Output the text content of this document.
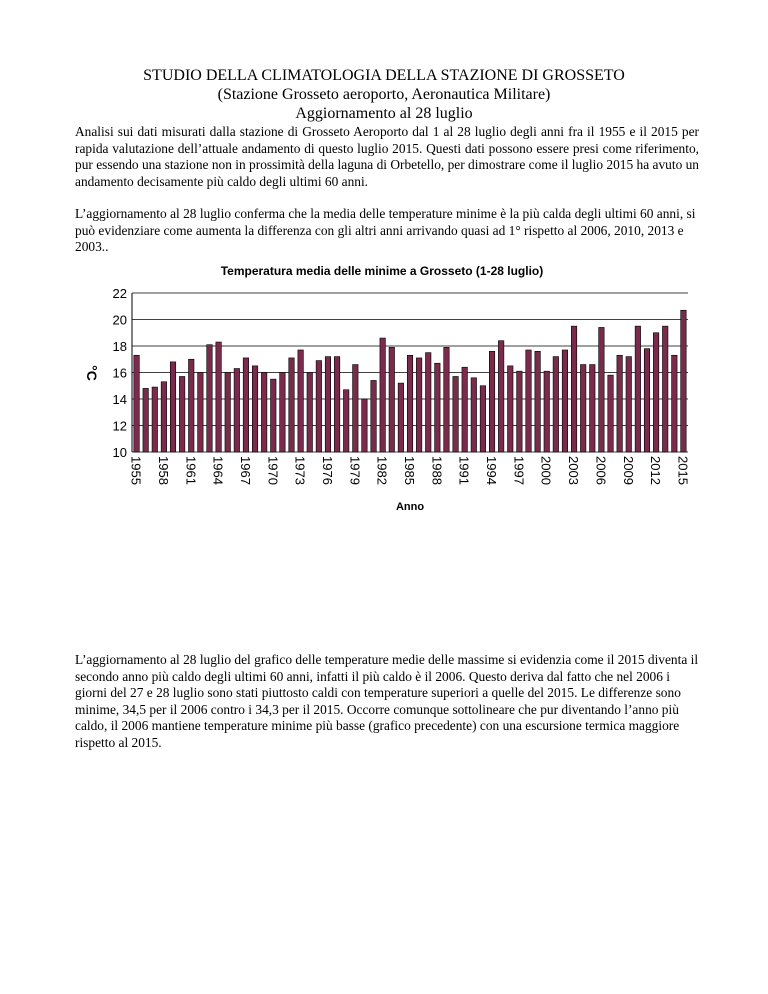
STUDIO DELLA CLIMATOLOGIA DELLA STAZIONE DI GROSSETO
(Stazione Grosseto aeroporto, Aeronautica Militare)
Aggiornamento al 28 luglio

Analisi sui dati misurati dalla stazione di Grosseto Aeroporto dal 1 al 28 luglio degli anni fra il 1955 e il 2015 per rapida valutazione dell’attuale andamento di questo luglio 2015. Questi dati possono essere presi come riferimento, pur essendo una stazione non in prossimità della laguna di Orbetello, per dimostrare come il luglio 2015 ha avuto un andamento decisamente più caldo degli ultimi 60 anni.

L’aggiornamento al 28 luglio conferma che la media delle temperature minime è la più calda degli ultimi 60 anni, si può evidenziare come aumenta la differenza con gli altri anni arrivando quasi ad 1° rispetto al 2006, 2010, 2013 e 2003..

Temperatura media delle minime a Grosseto (1-28 luglio)
10
12
14
16
18
20
22
1955 1958 1961 1964 1967 1970 1973 1976 1979 1982 1985 1988 1991 1994 1997 2000 2003 2006 2009 2012 2015
°C
Anno

L’aggiornamento al 28 luglio del grafico delle temperature medie delle massime si evidenzia come il 2015 diventa il secondo anno più caldo degli ultimi 60 anni, infatti il più caldo è il 2006. Questo deriva dal fatto che nel 2006 i giorni del 27 e 28 luglio sono stati piuttosto caldi con temperature superiori a quelle del 2015. Le differenze sono minime, 34,5 per il 2006 contro i 34,3 per il 2015. Occorre comunque sottolineare che pur diventando l’anno più caldo, il 2006 mantiene temperature minime più basse (grafico precedente) con una escursione termica maggiore rispetto al 2015.
